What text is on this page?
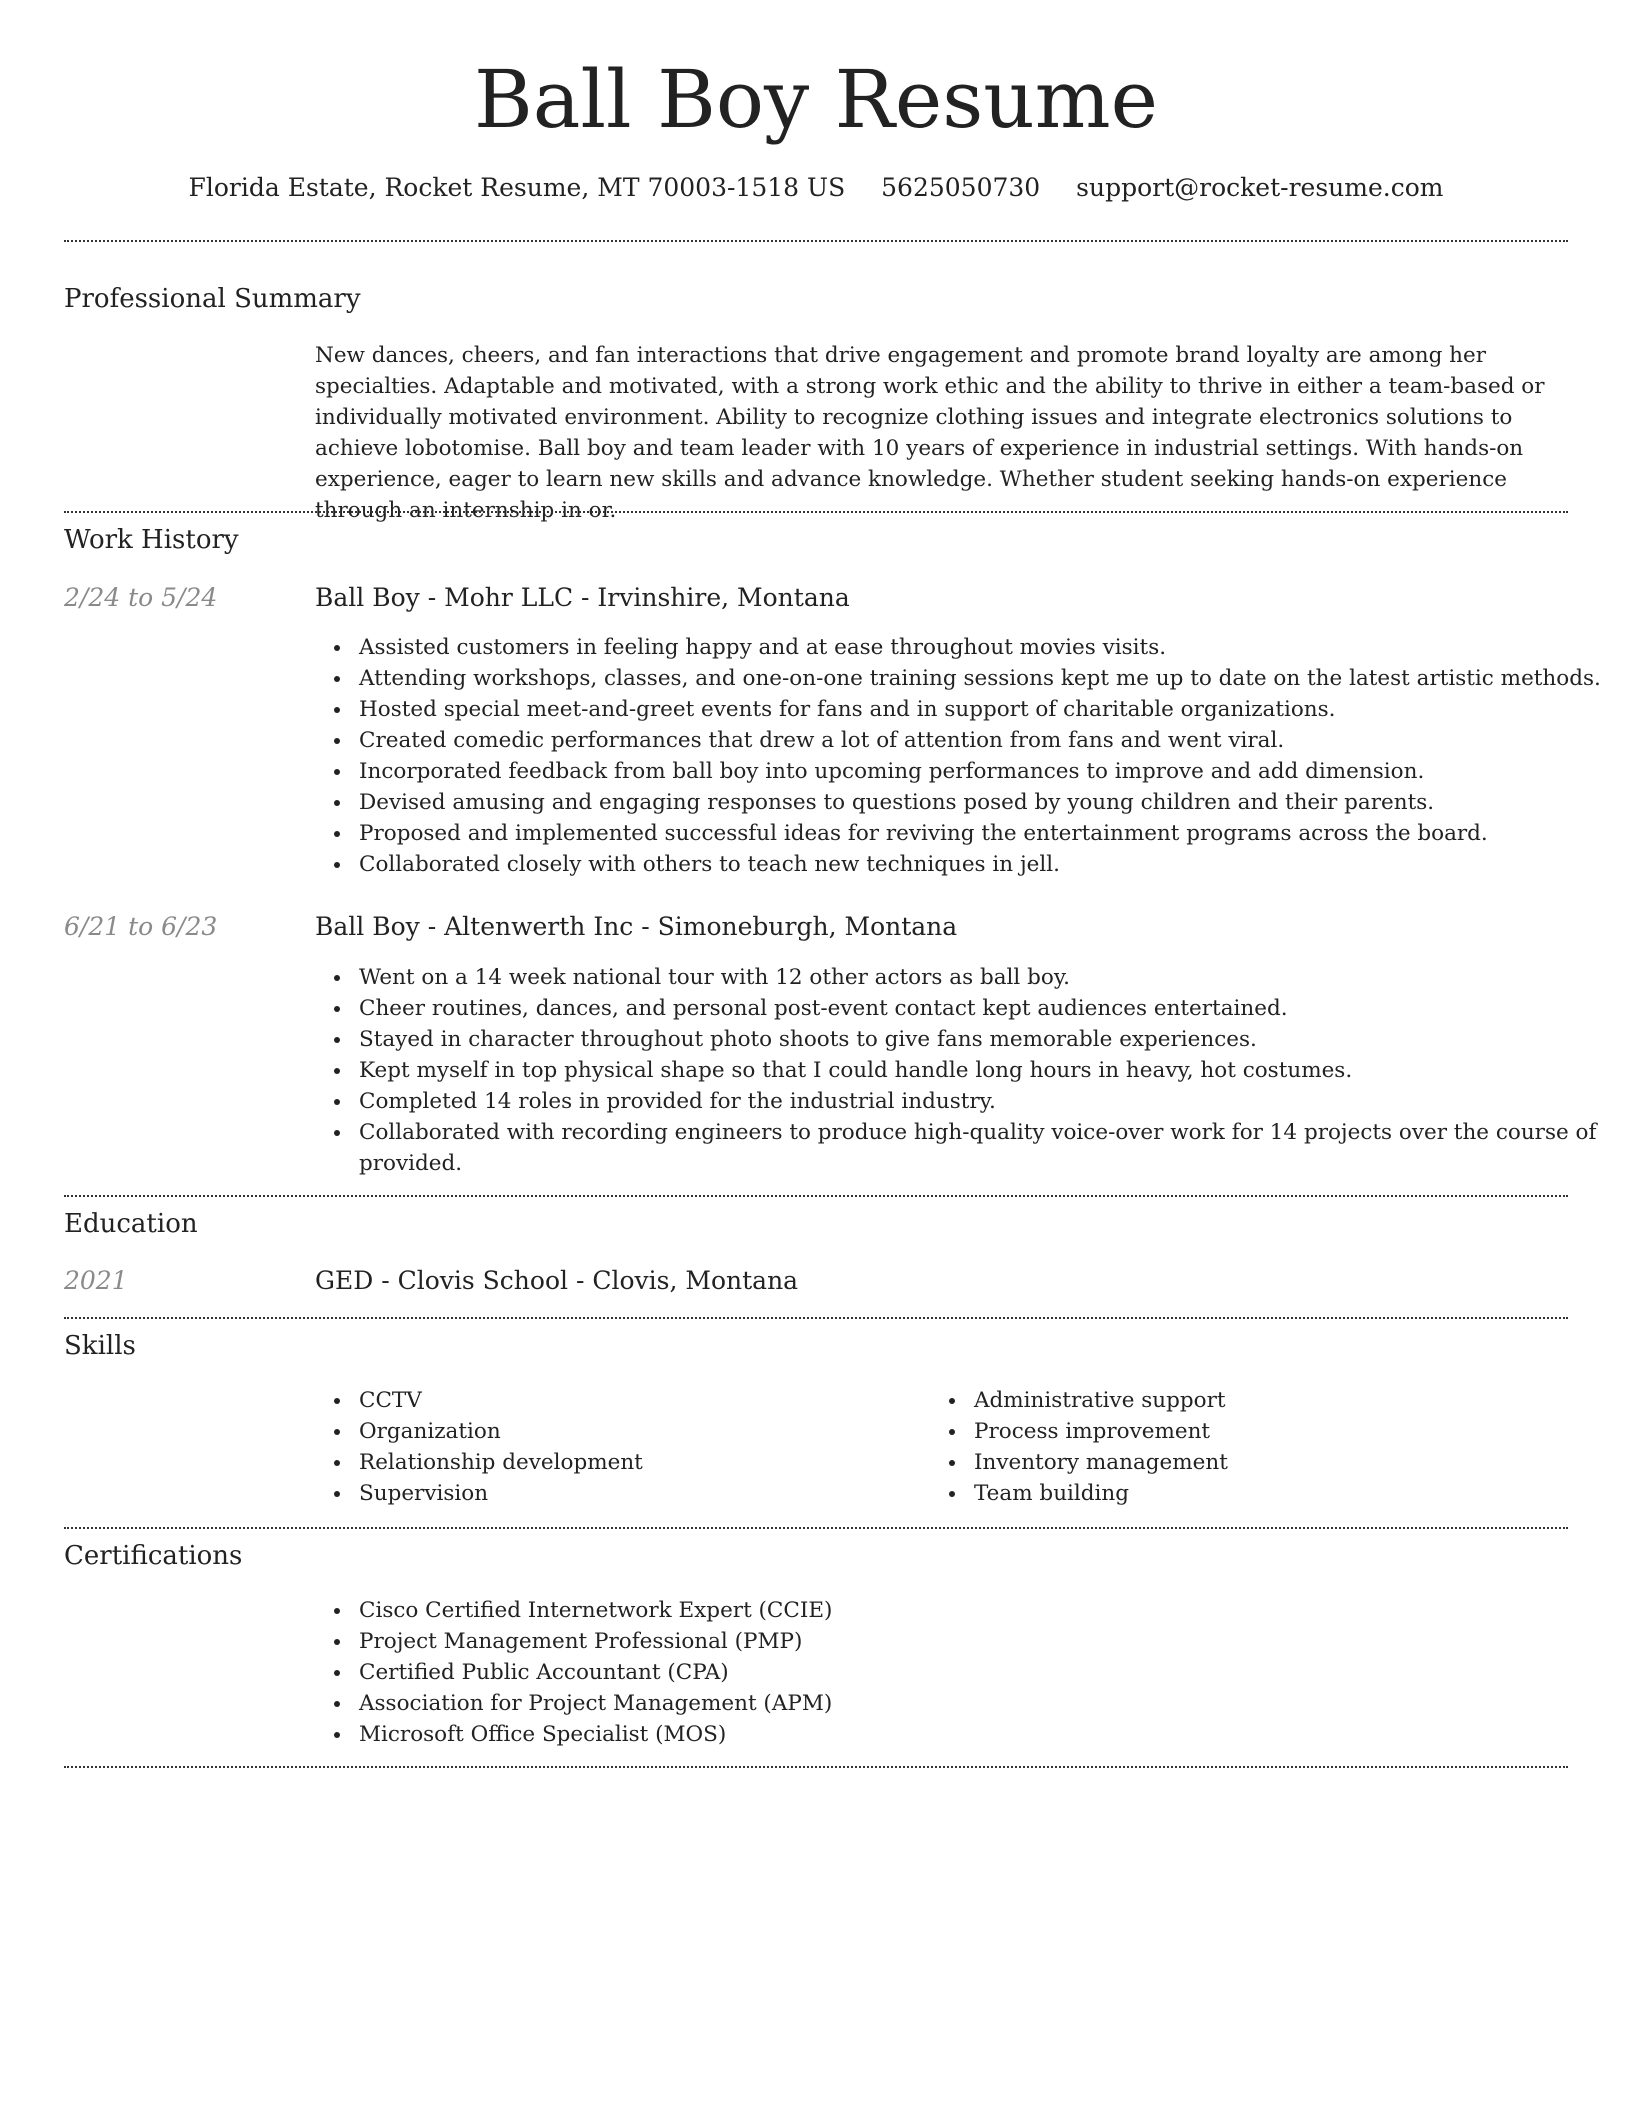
Ball Boy Resume
Florida Estate, Rocket Resume, MT 70003-1518 US 5625050730 support@rocket-resume.com
Professional Summary
New dances, cheers, and fan interactions that drive engagement and promote brand loyalty are among her specialties. Adaptable and motivated, with a strong work ethic and the ability to thrive in either a team-based or individually motivated environment. Ability to recognize clothing issues and integrate electronics solutions to achieve lobotomise. Ball boy and team leader with 10 years of experience in industrial settings. With hands-on experience, eager to learn new skills and advance knowledge. Whether student seeking hands-on experience through an internship in or.
Work History
2/24 to 5/24	Ball Boy - Mohr LLC - Irvinshire, Montana
Assisted customers in feeling happy and at ease throughout movies visits.
Attending workshops, classes, and one-on-one training sessions kept me up to date on the latest artistic methods.
Hosted special meet-and-greet events for fans and in support of charitable organizations.
Created comedic performances that drew a lot of attention from fans and went viral.
Incorporated feedback from ball boy into upcoming performances to improve and add dimension.
Devised amusing and engaging responses to questions posed by young children and their parents.
Proposed and implemented successful ideas for reviving the entertainment programs across the board.
Collaborated closely with others to teach new techniques in jell.
6/21 to 6/23	Ball Boy - Altenwerth Inc - Simoneburgh, Montana
Went on a 14 week national tour with 12 other actors as ball boy.
Cheer routines, dances, and personal post-event contact kept audiences entertained.
Stayed in character throughout photo shoots to give fans memorable experiences.
Kept myself in top physical shape so that I could handle long hours in heavy, hot costumes.
Completed 14 roles in provided for the industrial industry.
Collaborated with recording engineers to produce high-quality voice-over work for 14 projects over the course of provided.
Education
2021	GED - Clovis School - Clovis, Montana
Skills
CCTV
Organization
Relationship development
Supervision
Administrative support
Process improvement
Inventory management
Team building
Certifications
Cisco Certified Internetwork Expert (CCIE)
Project Management Professional (PMP)
Certified Public Accountant (CPA)
Association for Project Management (APM)
Microsoft Office Specialist (MOS)
